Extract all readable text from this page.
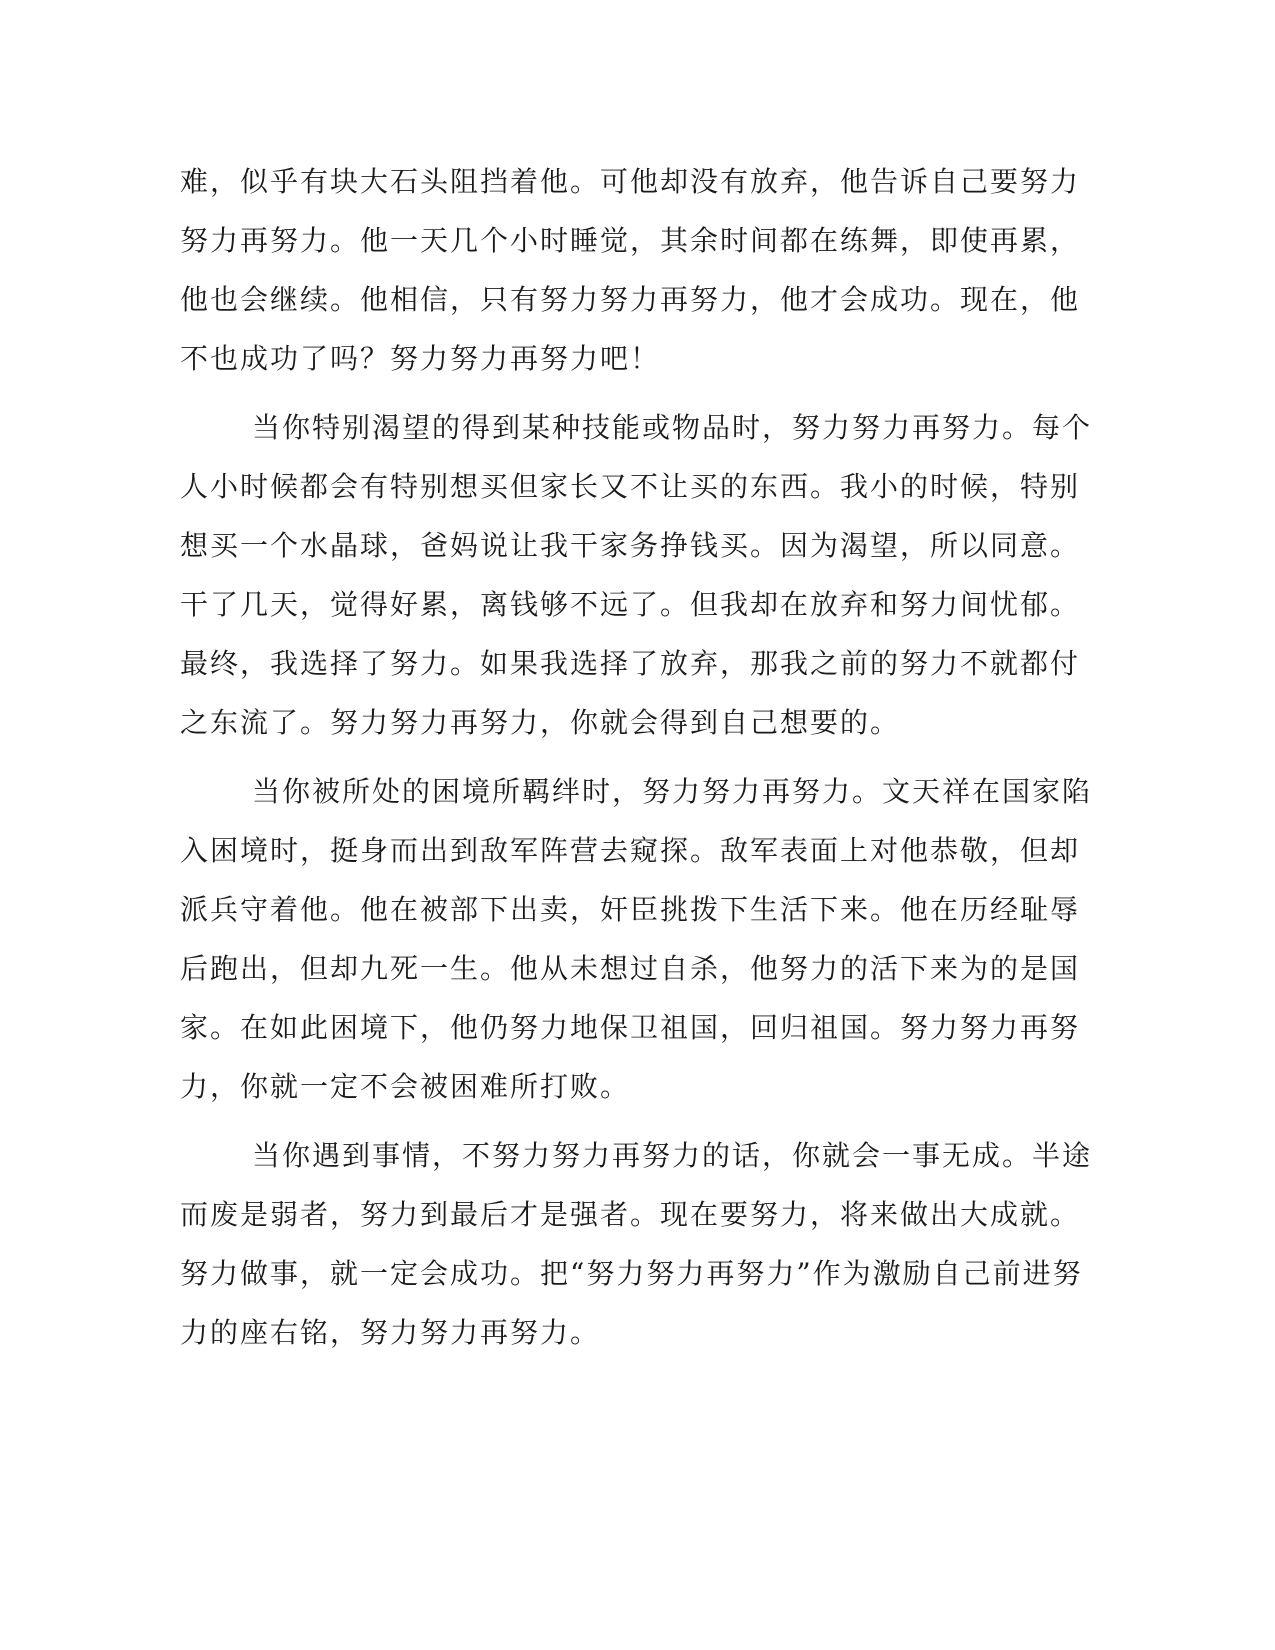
难，似乎有块大石头阻挡着他。可他却没有放弃，他告诉自己要努力
努力再努力。他一天几个小时睡觉，其余时间都在练舞，即使再累，
他也会继续。他相信，只有努力努力再努力，他才会成功。现在，他
不也成功了吗？努力努力再努力吧！
当你特别渴望的得到某种技能或物品时，努力努力再努力。每个
人小时候都会有特别想买但家长又不让买的东西。我小的时候，特别
想买一个水晶球，爸妈说让我干家务挣钱买。因为渴望，所以同意。
干了几天，觉得好累，离钱够不远了。但我却在放弃和努力间忧郁。
最终，我选择了努力。如果我选择了放弃，那我之前的努力不就都付
之东流了。努力努力再努力，你就会得到自己想要的。
当你被所处的困境所羁绊时，努力努力再努力。文天祥在国家陷
入困境时，挺身而出到敌军阵营去窥探。敌军表面上对他恭敬，但却
派兵守着他。他在被部下出卖，奸臣挑拨下生活下来。他在历经耻辱
后跑出，但却九死一生。他从未想过自杀，他努力的活下来为的是国
家。在如此困境下，他仍努力地保卫祖国，回归祖国。努力努力再努
力，你就一定不会被困难所打败。
当你遇到事情，不努力努力再努力的话，你就会一事无成。半途
而废是弱者，努力到最后才是强者。现在要努力，将来做出大成就。
努力做事，就一定会成功。把“努力努力再努力”作为激励自己前进努
力的座右铭，努力努力再努力。
